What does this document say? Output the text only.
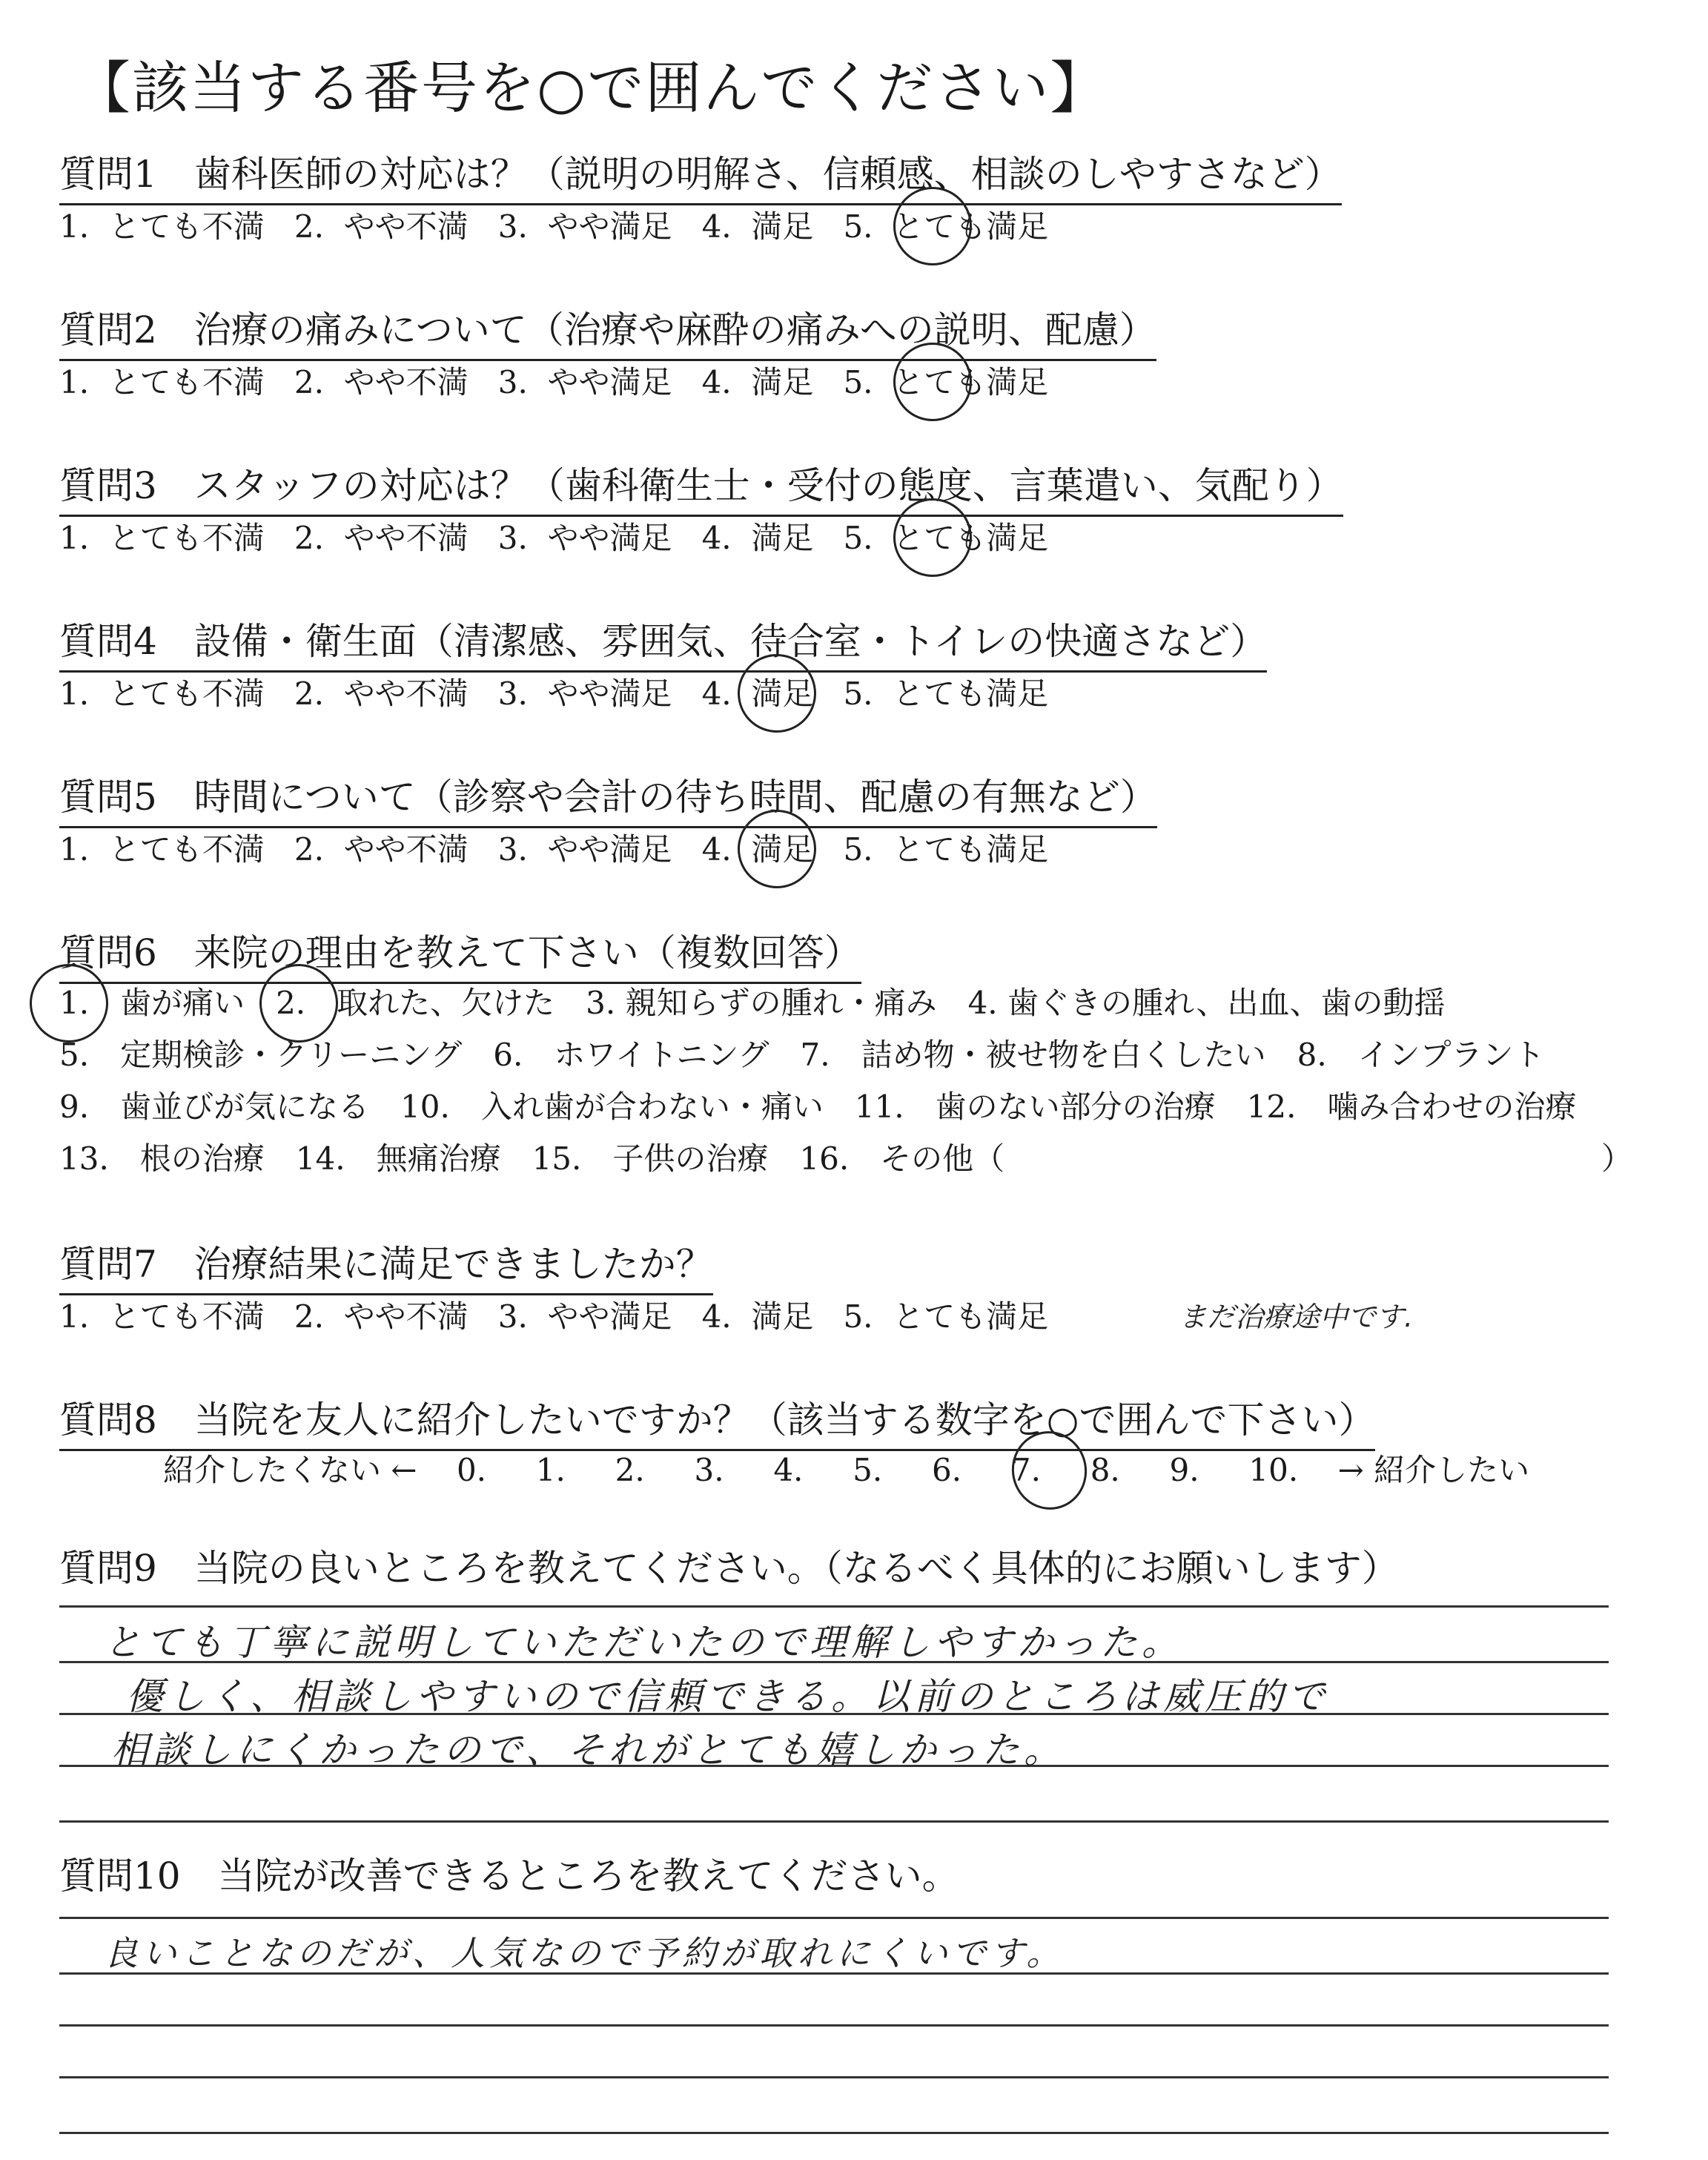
【該当する番号を○で囲んでください】
質問1　歯科医師の対応は？（説明の明解さ、信頼感、相談のしやすさなど）
1. とても不満 2. やや不満 3. やや満足 4. 満足 5. とても満足
質問2　治療の痛みについて（治療や麻酔の痛みへの説明、配慮）
1. とても不満 2. やや不満 3. やや満足 4. 満足 5. とても満足
質問3　スタッフの対応は？（歯科衛生士・受付の態度、言葉遣い、気配り）
1. とても不満 2. やや不満 3. やや満足 4. 満足 5. とても満足
質問4　設備・衛生面（清潔感、雰囲気、待合室・トイレの快適さなど）
1. とても不満 2. やや不満 3. やや満足 4. 満足 5. とても満足
質問5　時間について（診察や会計の待ち時間、配慮の有無など）
1. とても不満 2. やや不満 3. やや満足 4. 満足 5. とても満足
質問6　来院の理由を教えて下さい（複数回答）
1.　歯が痛い　2.　取れた、欠けた　3. 親知らずの腫れ・痛み　4. 歯ぐきの腫れ、出血、歯の動揺
5.　定期検診・クリーニング　6.　ホワイトニング　7.　詰め物・被せ物を白くしたい　8.　インプラント
9.　歯並びが気になる　10.　入れ歯が合わない・痛い　11.　歯のない部分の治療　12.　噛み合わせの治療
13.　根の治療　14.　無痛治療　15.　子供の治療　16.　その他（	）
質問7　治療結果に満足できましたか？
1. とても不満 2. やや不満 3. やや満足 4. 満足 5. とても満足	まだ治療途中です.
質問8　当院を友人に紹介したいですか？（該当する数字を○で囲んで下さい）
紹介したくない ← 0. 1. 2. 3. 4. 5. 6. 7. 8. 9. 10. → 紹介したい
質問9　当院の良いところを教えてください。（なるべく具体的にお願いします）
とても丁寧に説明していただいたので理解しやすかった。
優しく、相談しやすいので信頼できる。以前のところは威圧的で
相談しにくかったので、それがとても嬉しかった。
質問10　当院が改善できるところを教えてください。
良いことなのだが、人気なので予約が取れにくいです。
